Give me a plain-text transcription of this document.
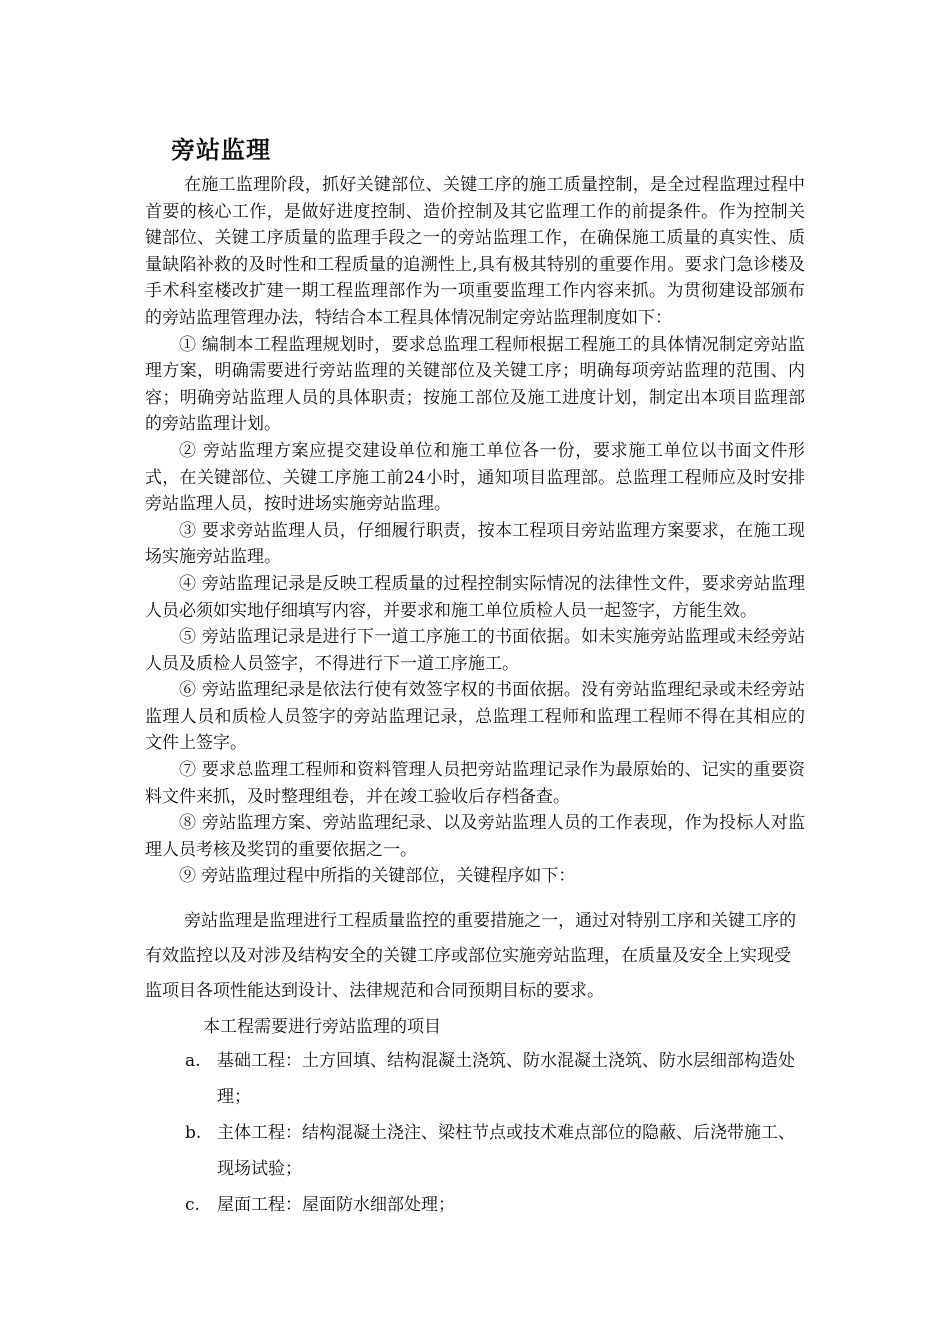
旁站监理

在施工监理阶段，抓好关键部位、关键工序的施工质量控制，是全过程监理过程中首要的核心工作，是做好进度控制、造价控制及其它监理工作的前提条件。作为控制关键部位、关键工序质量的监理手段之一的旁站监理工作，在确保施工质量的真实性、质量缺陷补救的及时性和工程质量的追溯性上,具有极其特别的重要作用。要求门急诊楼及手术科室楼改扩建一期工程监理部作为一项重要监理工作内容来抓。为贯彻建设部颁布的旁站监理管理办法，特结合本工程具体情况制定旁站监理制度如下：

① 编制本工程监理规划时，要求总监理工程师根据工程施工的具体情况制定旁站监理方案，明确需要进行旁站监理的关键部位及关键工序；明确每项旁站监理的范围、内容；明确旁站监理人员的具体职责；按施工部位及施工进度计划，制定出本项目监理部的旁站监理计划。

② 旁站监理方案应提交建设单位和施工单位各一份，要求施工单位以书面文件形式，在关键部位、关键工序施工前24小时，通知项目监理部。总监理工程师应及时安排旁站监理人员，按时进场实施旁站监理。

③ 要求旁站监理人员，仔细履行职责，按本工程项目旁站监理方案要求，在施工现场实施旁站监理。

④ 旁站监理记录是反映工程质量的过程控制实际情况的法律性文件，要求旁站监理人员必须如实地仔细填写内容，并要求和施工单位质检人员一起签字，方能生效。

⑤ 旁站监理记录是进行下一道工序施工的书面依据。如未实施旁站监理或未经旁站人员及质检人员签字，不得进行下一道工序施工。

⑥ 旁站监理纪录是依法行使有效签字权的书面依据。没有旁站监理纪录或未经旁站监理人员和质检人员签字的旁站监理记录，总监理工程师和监理工程师不得在其相应的文件上签字。

⑦ 要求总监理工程师和资料管理人员把旁站监理记录作为最原始的、记实的重要资料文件来抓，及时整理组卷，并在竣工验收后存档备查。

⑧ 旁站监理方案、旁站监理纪录、以及旁站监理人员的工作表现，作为投标人对监理人员考核及奖罚的重要依据之一。

⑨ 旁站监理过程中所指的关键部位，关键程序如下：

旁站监理是监理进行工程质量监控的重要措施之一，通过对特别工序和关键工序的有效监控以及对涉及结构安全的关键工序或部位实施旁站监理，在质量及安全上实现受监项目各项性能达到设计、法律规范和合同预期目标的要求。

本工程需要进行旁站监理的项目
a. 基础工程：土方回填、结构混凝土浇筑、防水混凝土浇筑、防水层细部构造处理；
b. 主体工程：结构混凝土浇注、梁柱节点或技术难点部位的隐蔽、后浇带施工、现场试验；
c. 屋面工程：屋面防水细部处理；
